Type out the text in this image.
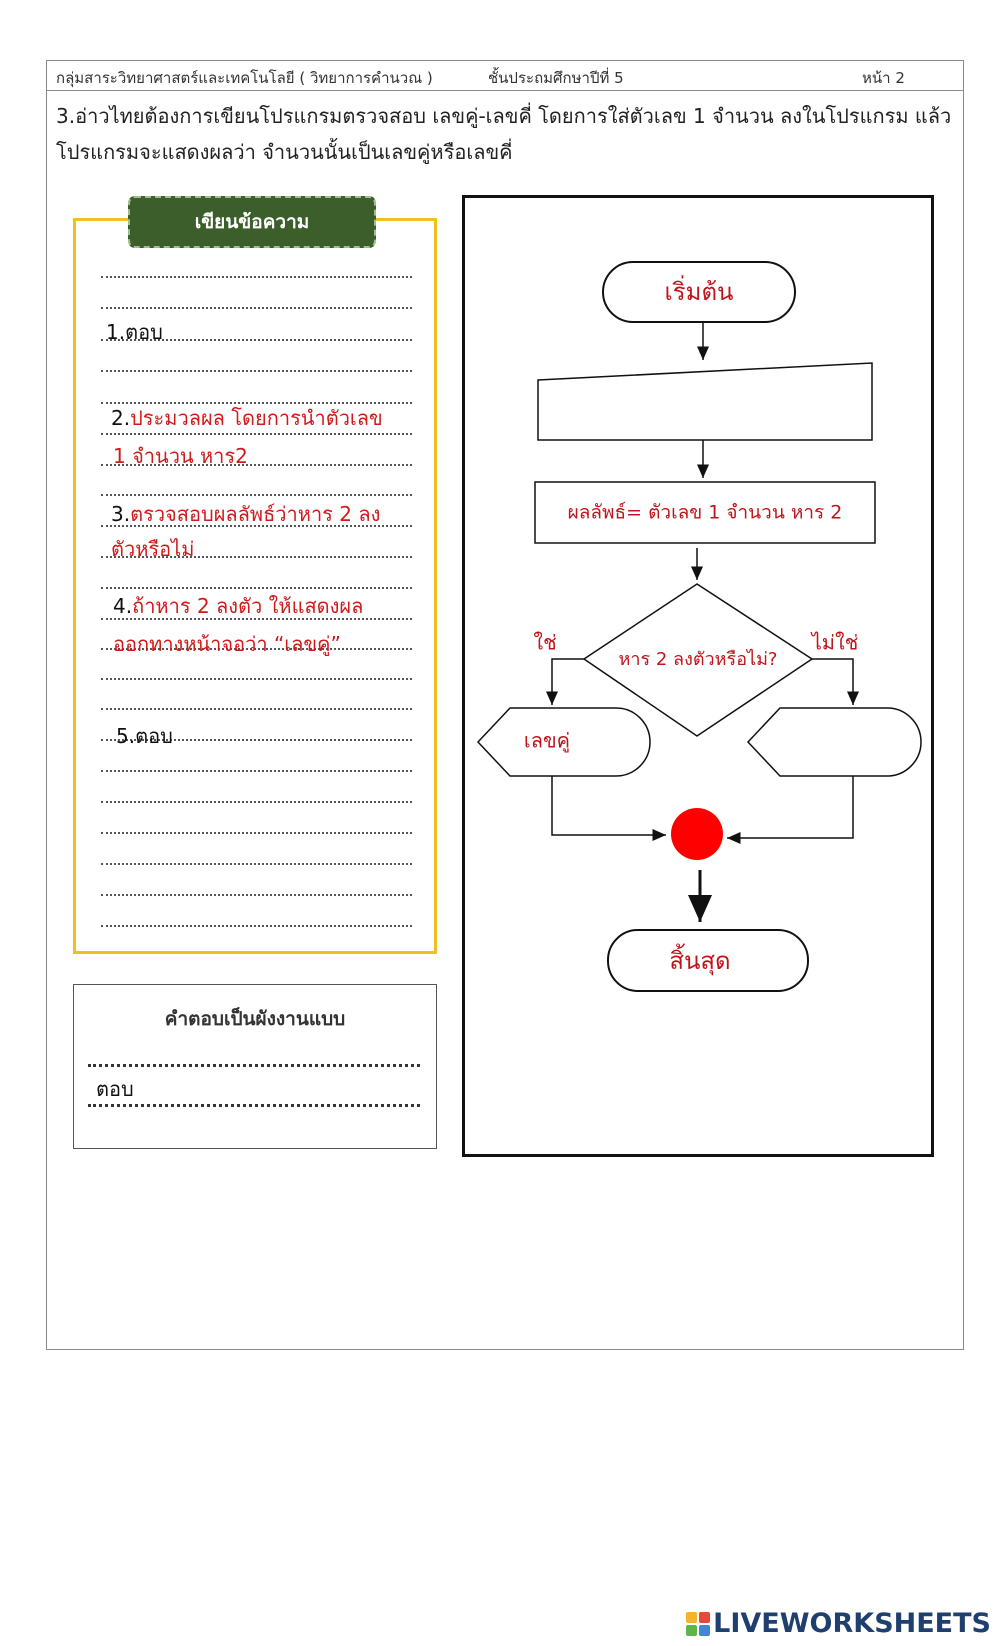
กลุ่มสาระวิทยาศาสตร์และเทคโนโลยี ( วิทยาการคำนวณ )	ชั้นประถมศึกษาปีที่ 5	หน้า 2
3.อ่าวไทยต้องการเขียนโปรแกรมตรวจสอบ เลขคู่-เลขคี่ โดยการใส่ตัวเลข 1 จำนวน ลงในโปรแกรม แล้วโปรแกรมจะแสดงผลว่า จำนวนนั้นเป็นเลขคู่หรือเลขคี่
เขียนข้อความ
1.ตอบ
2.ประมวลผล โดยการนำตัวเลข
1 จำนวน หาร2
3.ตรวจสอบผลลัพธ์ว่าหาร 2 ลง
ตัวหรือไม่
4.ถ้าหาร 2 ลงตัว ให้แสดงผล
ออกทางหน้าจอว่า “เลขคู่”
5.ตอบ
คำตอบเป็นผังงานแบบ
ตอบ
เริ่มต้น
ผลลัพธ์= ตัวเลข 1 จำนวน หาร 2
หาร 2 ลงตัวหรือไม่?
ใช่	ไม่ใช่
เลขคู่
สิ้นสุด
LIVEWORKSHEETS
